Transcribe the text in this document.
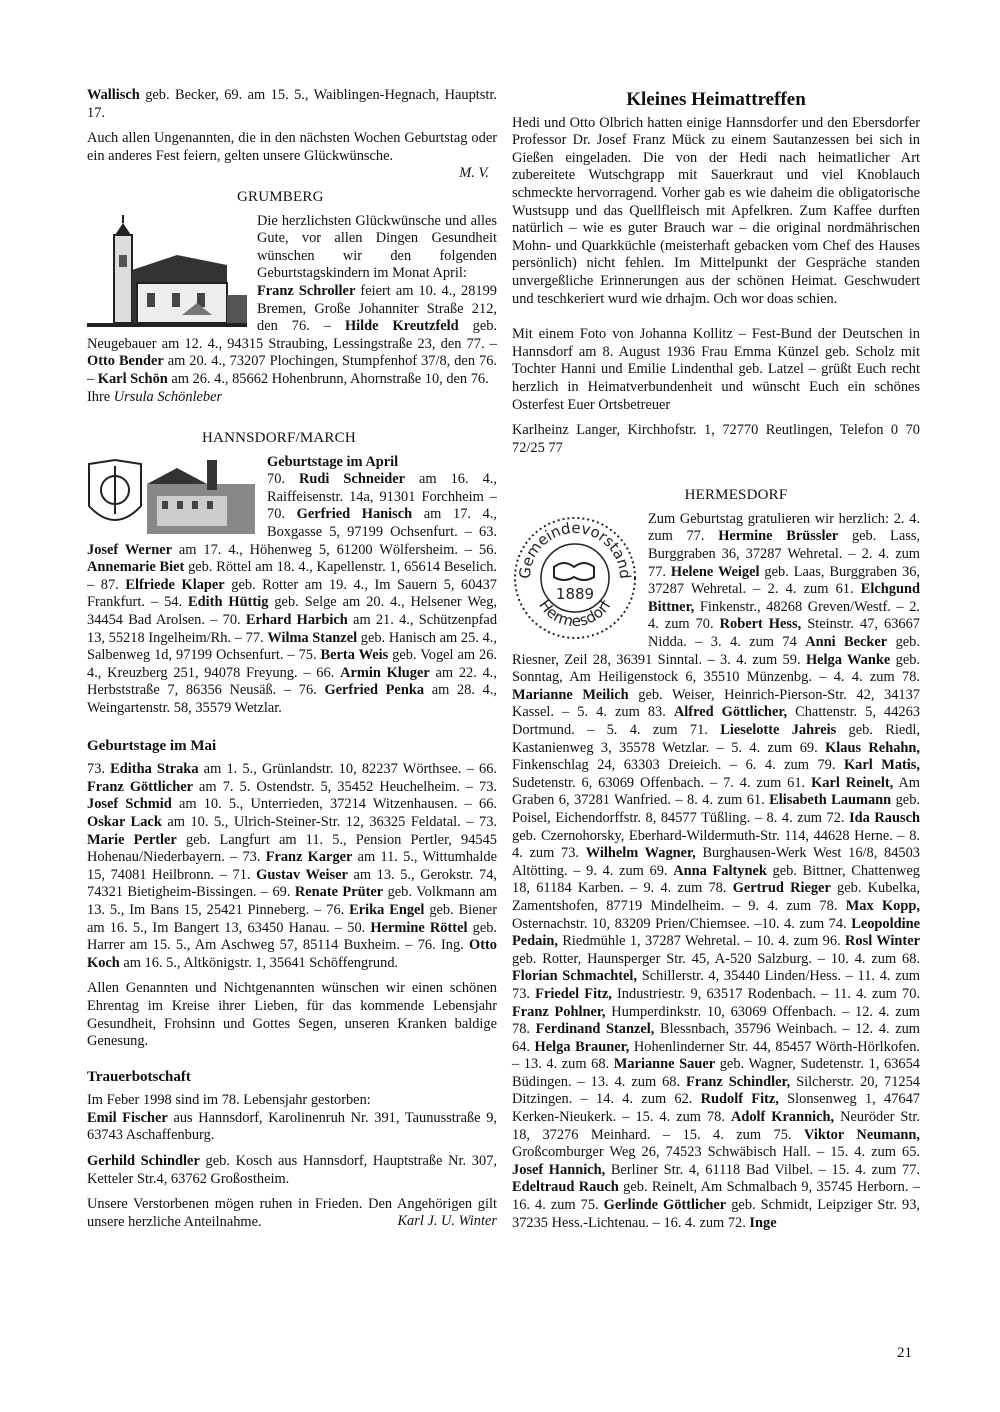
Wallisch geb. Becker, 69. am 15. 5., Waiblingen-Hegnach, Hauptstr. 17.

Auch allen Ungenannten, die in den nächsten Wochen Geburtstag oder ein anderes Fest feiern, gelten unsere Glückwünsche.

M. V.

GRUMBERG

Die herzlichsten Glückwünsche und alles Gute, vor allen Dingen Gesundheit wünschen wir den folgenden Geburtstagskindern im Monat April:
Franz Schroller feiert am 10. 4., 28199 Bremen, Große Johanniter Straße 212, den 76. – Hilde Kreutzfeld geb. Neugebauer am 12. 4., 94315 Straubing, Lessingstraße 23, den 77. – Otto Bender am 20. 4., 73207 Plochingen, Stumpfenhof 37/8, den 76. – Karl Schön am 26. 4., 85662 Hohenbrunn, Ahornstraße 10, den 76.
Ihre Ursula Schönleber

HANNSDORF/MARCH

Geburtstage im April
70. Rudi Schneider am 16. 4., Raiffeisenstr. 14a, 91301 Forchheim – 70. Gerfried Hanisch am 17. 4., Boxgasse 5, 97199 Ochsenfurt. – 63. Josef Werner am 17. 4., Höhenweg 5, 61200 Wölfersheim. – 56. Annemarie Biet geb. Röttel am 18. 4., Kapellenstr. 1, 65614 Beselich. – 87. Elfriede Klaper geb. Rotter am 19. 4., Im Sauern 5, 60437 Frankfurt. – 54. Edith Hüttig geb. Selge am 20. 4., Helsener Weg, 34454 Bad Arolsen. – 70. Erhard Harbich am 21. 4., Schützenpfad 13, 55218 Ingelheim/Rh. – 77. Wilma Stanzel geb. Hanisch am 25. 4., Salbenweg 1d, 97199 Ochsenfurt. – 75. Berta Weis geb. Vogel am 26. 4., Kreuzberg 251, 94078 Freyung. – 66. Armin Kluger am 22. 4., Herbststraße 7, 86356 Neusäß. – 76. Gerfried Penka am 28. 4., Weingartenstr. 58, 35579 Wetzlar.

Geburtstage im Mai

73. Editha Straka am 1. 5., Grünlandstr. 10, 82237 Wörthsee. – 66. Franz Göttlicher am 7. 5. Ostendstr. 5, 35452 Heuchelheim. – 73. Josef Schmid am 10. 5., Unterrieden, 37214 Witzenhausen. – 66. Oskar Lack am 10. 5., Ulrich-Steiner-Str. 12, 36325 Feldatal. – 73. Marie Pertler geb. Langfurt am 11. 5., Pension Pertler, 94545 Hohenau/Niederbayern. – 73. Franz Karger am 11. 5., Wittumhalde 15, 74081 Heilbronn. – 71. Gustav Weiser am 13. 5., Gerokstr. 74, 74321 Bietigheim-Bissingen. – 69. Renate Prüter geb. Volkmann am 13. 5., Im Bans 15, 25421 Pinneberg. – 76. Erika Engel geb. Biener am 16. 5., Im Bangert 13, 63450 Hanau. – 50. Hermine Röttel geb. Harrer am 15. 5., Am Aschweg 57, 85114 Buxheim. – 76. Ing. Otto Koch am 16. 5., Altkönigstr. 1, 35641 Schöffengrund.

Allen Genannten und Nichtgenannten wünschen wir einen schönen Ehrentag im Kreise ihrer Lieben, für das kommende Lebensjahr Gesundheit, Frohsinn und Gottes Segen, unseren Kranken baldige Genesung.

Trauerbotschaft

Im Feber 1998 sind im 78. Lebensjahr gestorben:

Emil Fischer aus Hannsdorf, Karolinenruh Nr. 391, Taunusstraße 9, 63743 Aschaffenburg.

Gerhild Schindler geb. Kosch aus Hannsdorf, Hauptstraße Nr. 307, Ketteler Str.4, 63762 Großostheim.

Unsere Verstorbenen mögen ruhen in Frieden. Den Angehörigen gilt unsere herzliche Anteilnahme.	Karl J. U. Winter

Kleines Heimattreffen

Hedi und Otto Olbrich hatten einige Hannsdorfer und den Ebersdorfer Professor Dr. Josef Franz Mück zu einem Sautanzessen bei sich in Gießen eingeladen. Die von der Hedi nach heimatlicher Art zubereitete Wutschgrapp mit Sauerkraut und viel Knoblauch schmeckte hervorragend. Vorher gab es wie daheim die obligatorische Wustsupp und das Quellfleisch mit Apfelkren. Zum Kaffee durften natürlich – wie es guter Brauch war – die original nordmährischen Mohn- und Quarkküchle (meisterhaft gebacken vom Chef des Hauses persönlich) nicht fehlen. Im Mittelpunkt der Gespräche standen unvergeßliche Erinnerungen aus der schönen Heimat. Geschwudert und teschkeriert wurd wie drhajm. Och wor doas schien.

Mit einem Foto von Johanna Kollitz – Fest-Bund der Deutschen in Hannsdorf am 8. August 1936 Frau Emma Künzel geb. Scholz mit Tochter Hanni und Emilie Lindenthal geb. Latzel – grüßt Euch recht herzlich in Heimatverbundenheit und wünscht Euch ein schönes Osterfest Euer Ortsbetreuer

Karlheinz Langer, Kirchhofstr. 1, 72770 Reutlingen, Telefon 0 70 72/25 77

HERMESDORF
Gemeindevorstand
Hermesdorf
1889

Zum Geburtstag gratulieren wir herzlich: 2. 4. zum 77. Hermine Brüssler geb. Lass, Burggraben 36, 37287 Wehretal. – 2. 4. zum 77. Helene Weigel geb. Laas, Burggraben 36, 37287 Wehretal. – 2. 4. zum 61. Elchgund Bittner, Finkenstr., 48268 Greven/Westf. – 2. 4. zum 70. Robert Hess, Steinstr. 47, 63667 Nidda. – 3. 4. zum 74 Anni Becker geb. Riesner, Zeil 28, 36391 Sinntal. – 3. 4. zum 59. Helga Wanke geb. Sonntag, Am Heiligenstock 6, 35510 Münzenbg. – 4. 4. zum 78. Marianne Meilich geb. Weiser, Heinrich-Pierson-Str. 42, 34137 Kassel. – 5. 4. zum 83. Alfred Göttlicher, Chattenstr. 5, 44263 Dortmund. – 5. 4. zum 71. Lieselotte Jahreis geb. Riedl, Kastanienweg 3, 35578 Wetzlar. – 5. 4. zum 69. Klaus Rehahn, Finkenschlag 24, 63303 Dreieich. – 6. 4. zum 79. Karl Matis, Sudetenstr. 6, 63069 Offenbach. – 7. 4. zum 61. Karl Reinelt, Am Graben 6, 37281 Wanfried. – 8. 4. zum 61. Elisabeth Laumann geb. Poisel, Eichendorffstr. 8, 84577 Tüßling. – 8. 4. zum 72. Ida Rausch geb. Czernohorsky, Eberhard-Wildermuth-Str. 114, 44628 Herne. – 8. 4. zum 73. Wilhelm Wagner, Burghausen-Werk West 16/8, 84503 Altötting. – 9. 4. zum 69. Anna Faltynek geb. Bittner, Chattenweg 18, 61184 Karben. – 9. 4. zum 78. Gertrud Rieger geb. Kubelka, Zamentshofen, 87719 Mindelheim. – 9. 4. zum 78. Max Kopp, Osternachstr. 10, 83209 Prien/Chiemsee. –10. 4. zum 74. Leopoldine Pedain, Riedmühle 1, 37287 Wehretal. – 10. 4. zum 96. Rosl Winter geb. Rotter, Haunsperger Str. 45, A-520 Salzburg. – 10. 4. zum 68. Florian Schmachtel, Schillerstr. 4, 35440 Linden/Hess. – 11. 4. zum 73. Friedel Fitz, Industriestr. 9, 63517 Rodenbach. – 11. 4. zum 70. Franz Pohlner, Humperdinkstr. 10, 63069 Offenbach. – 12. 4. zum 78. Ferdinand Stanzel, Blessnbach, 35796 Weinbach. – 12. 4. zum 64. Helga Brauner, Hohenlinderner Str. 44, 85457 Wörth-Hörlkofen. – 13. 4. zum 68. Marianne Sauer geb. Wagner, Sudetenstr. 1, 63654 Büdingen. – 13. 4. zum 68. Franz Schindler, Silcherstr. 20, 71254 Ditzingen. – 14. 4. zum 62. Rudolf Fitz, Slonsenweg 1, 47647 Kerken-Nieukerk. – 15. 4. zum 78. Adolf Krannich, Neuröder Str. 18, 37276 Meinhard. – 15. 4. zum 75. Viktor Neumann, Großcomburger Weg 26, 74523 Schwäbisch Hall. – 15. 4. zum 65. Josef Hannich, Berliner Str. 4, 61118 Bad Vilbel. – 15. 4. zum 77. Edeltraud Rauch geb. Reinelt, Am Schmalbach 9, 35745 Herborn. – 16. 4. zum 75. Gerlinde Göttlicher geb. Schmidt, Leipziger Str. 93, 37235 Hess.-Lichtenau. – 16. 4. zum 72. Inge

21
